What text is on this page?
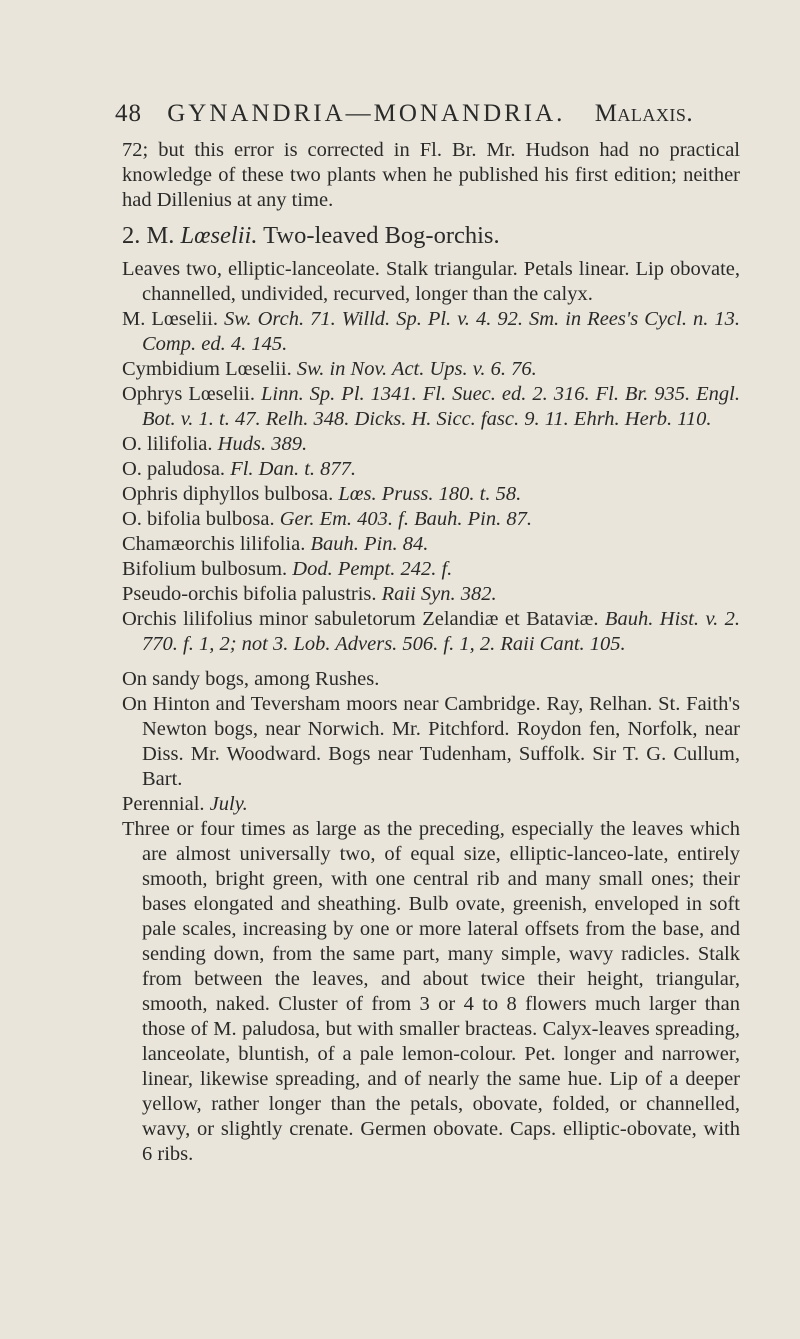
48 GYNANDRIA—MONANDRIA. Malaxis.

72; but this error is corrected in Fl. Br. Mr. Hudson had no practical knowledge of these two plants when he published his first edition; neither had Dillenius at any time.

2. M. Lœselii. Two-leaved Bog-orchis.

Leaves two, elliptic-lanceolate. Stalk triangular. Petals linear. Lip obovate, channelled, undivided, recurved, longer than the calyx.

M. Lœselii. Sw. Orch. 71. Willd. Sp. Pl. v. 4. 92. Sm. in Rees's Cycl. n. 13. Comp. ed. 4. 145.

Cymbidium Lœselii. Sw. in Nov. Act. Ups. v. 6. 76.

Ophrys Lœselii. Linn. Sp. Pl. 1341. Fl. Suec. ed. 2. 316. Fl. Br. 935. Engl. Bot. v. 1. t. 47. Relh. 348. Dicks. H. Sicc. fasc. 9. 11. Ehrh. Herb. 110.

O. lilifolia. Huds. 389.

O. paludosa. Fl. Dan. t. 877.

Ophris diphyllos bulbosa. Lœs. Pruss. 180. t. 58.

O. bifolia bulbosa. Ger. Em. 403. f. Bauh. Pin. 87.

Chamæorchis lilifolia. Bauh. Pin. 84.

Bifolium bulbosum. Dod. Pempt. 242. f.

Pseudo-orchis bifolia palustris. Raii Syn. 382.

Orchis lilifolius minor sabuletorum Zelandiæ et Bataviæ. Bauh. Hist. v. 2. 770. f. 1, 2; not 3. Lob. Advers. 506. f. 1, 2. Raii Cant. 105.

On sandy bogs, among Rushes.

On Hinton and Teversham moors near Cambridge. Ray, Relhan. St. Faith's Newton bogs, near Norwich. Mr. Pitchford. Roydon fen, Norfolk, near Diss. Mr. Woodward. Bogs near Tudenham, Suffolk. Sir T. G. Cullum, Bart.

Perennial. July.

Three or four times as large as the preceding, especially the leaves which are almost universally two, of equal size, elliptic-lanceo-late, entirely smooth, bright green, with one central rib and many small ones; their bases elongated and sheathing. Bulb ovate, greenish, enveloped in soft pale scales, increasing by one or more lateral offsets from the base, and sending down, from the same part, many simple, wavy radicles. Stalk from between the leaves, and about twice their height, triangular, smooth, naked. Cluster of from 3 or 4 to 8 flowers much larger than those of M. paludosa, but with smaller bracteas. Calyx-leaves spreading, lanceolate, bluntish, of a pale lemon-colour. Pet. longer and narrower, linear, likewise spreading, and of nearly the same hue. Lip of a deeper yellow, rather longer than the petals, obovate, folded, or channelled, wavy, or slightly crenate. Germen obovate. Caps. elliptic-obovate, with 6 ribs.
